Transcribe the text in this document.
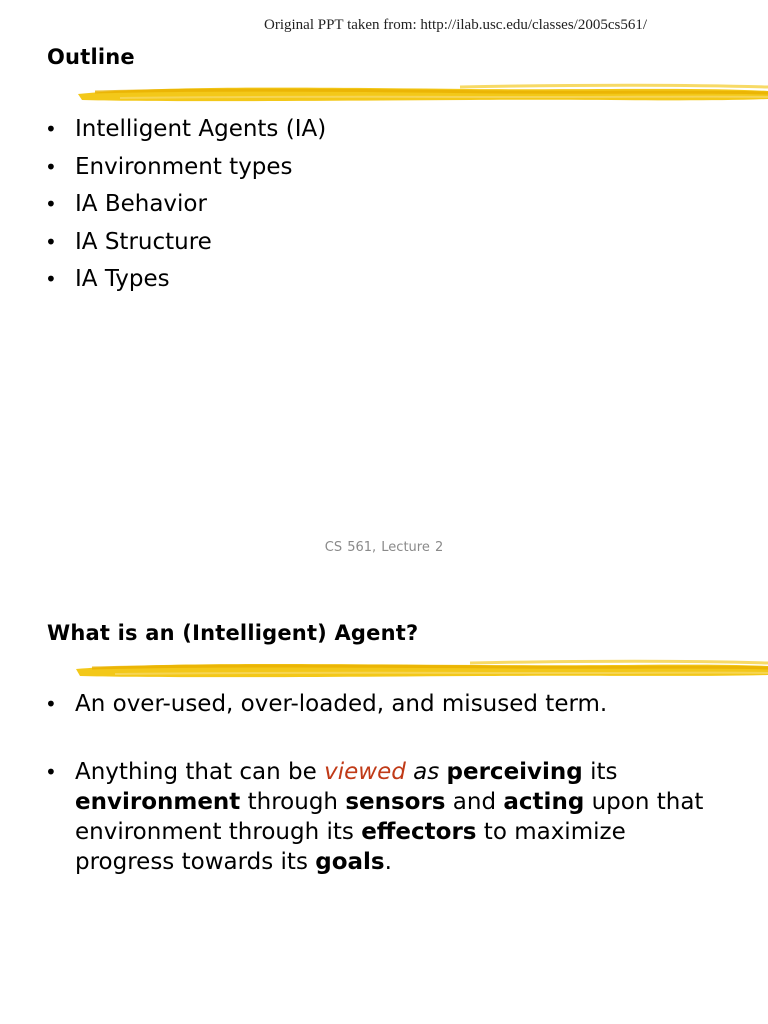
Original PPT taken from: http://ilab.usc.edu/classes/2005cs561/
Outline
• Intelligent Agents (IA)
• Environment types
• IA Behavior
• IA Structure
• IA Types
CS 561, Lecture 2
What is an (Intelligent) Agent?
• An over-used, over-loaded, and misused term.
• Anything that can be viewed as perceiving its environment through sensors and acting upon that environment through its effectors to maximize progress towards its goals.
